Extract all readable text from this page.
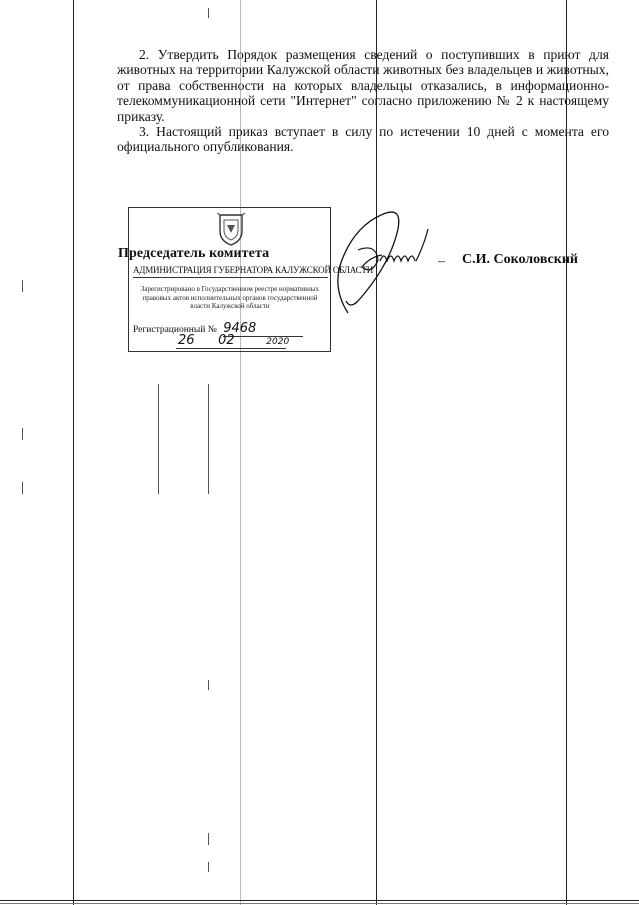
2. Утвердить Порядок размещения сведений о поступивших в приют для животных на территории Калужской области животных без владельцев и животных, от права собственности на которых владельцы отказались, в информационно-телекоммуникационной сети "Интернет" согласно приложению № 2 к настоящему приказу.

3. Настоящий приказ вступает в силу по истечении 10 дней с момента его официального опубликования.

Председатель комитета
АДМИНИСТРАЦИЯ ГУБЕРНАТОРА КАЛУЖСКОЙ ОБЛАСТИ
Зарегистрировано в Государственном реестре нормативных правовых актов исполнительных органов государственной власти Калужской области
Регистрационный № 9468
26 02	2020
– С.И. Соколовский
